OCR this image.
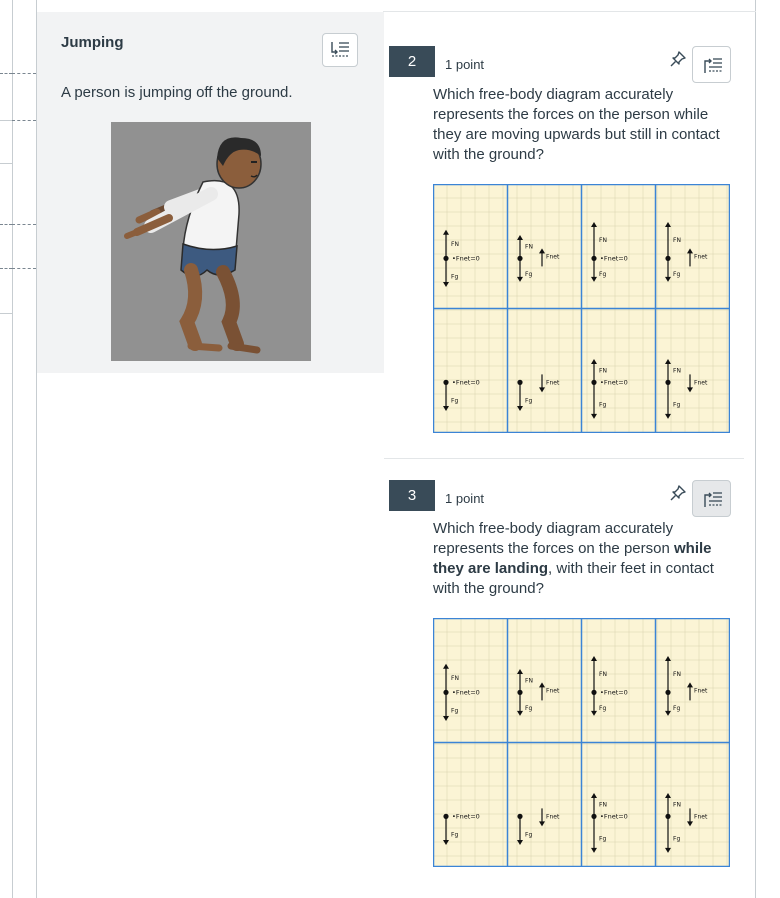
Jumping
A person is jumping off the ground.
2	1 point
Which free-body diagram accurately represents the forces on the person while they are moving upwards but still in contact with the ground?
FN
Fg
•Fnet=0
FN
Fg
Fnet
FN
Fg
•Fnet=0
FN
Fg
Fnet
Fg
•Fnet=0
Fg
Fnet
FN
Fg
•Fnet=0
FN
Fg
Fnet
3	1 point
Which free-body diagram accurately represents the forces on the person while they are landing, with their feet in contact with the ground?
FN
Fg
•Fnet=0
FN
Fg
Fnet
FN
Fg
•Fnet=0
FN
Fg
Fnet
Fg
•Fnet=0
Fg
Fnet
FN
Fg
•Fnet=0
FN
Fg
Fnet
